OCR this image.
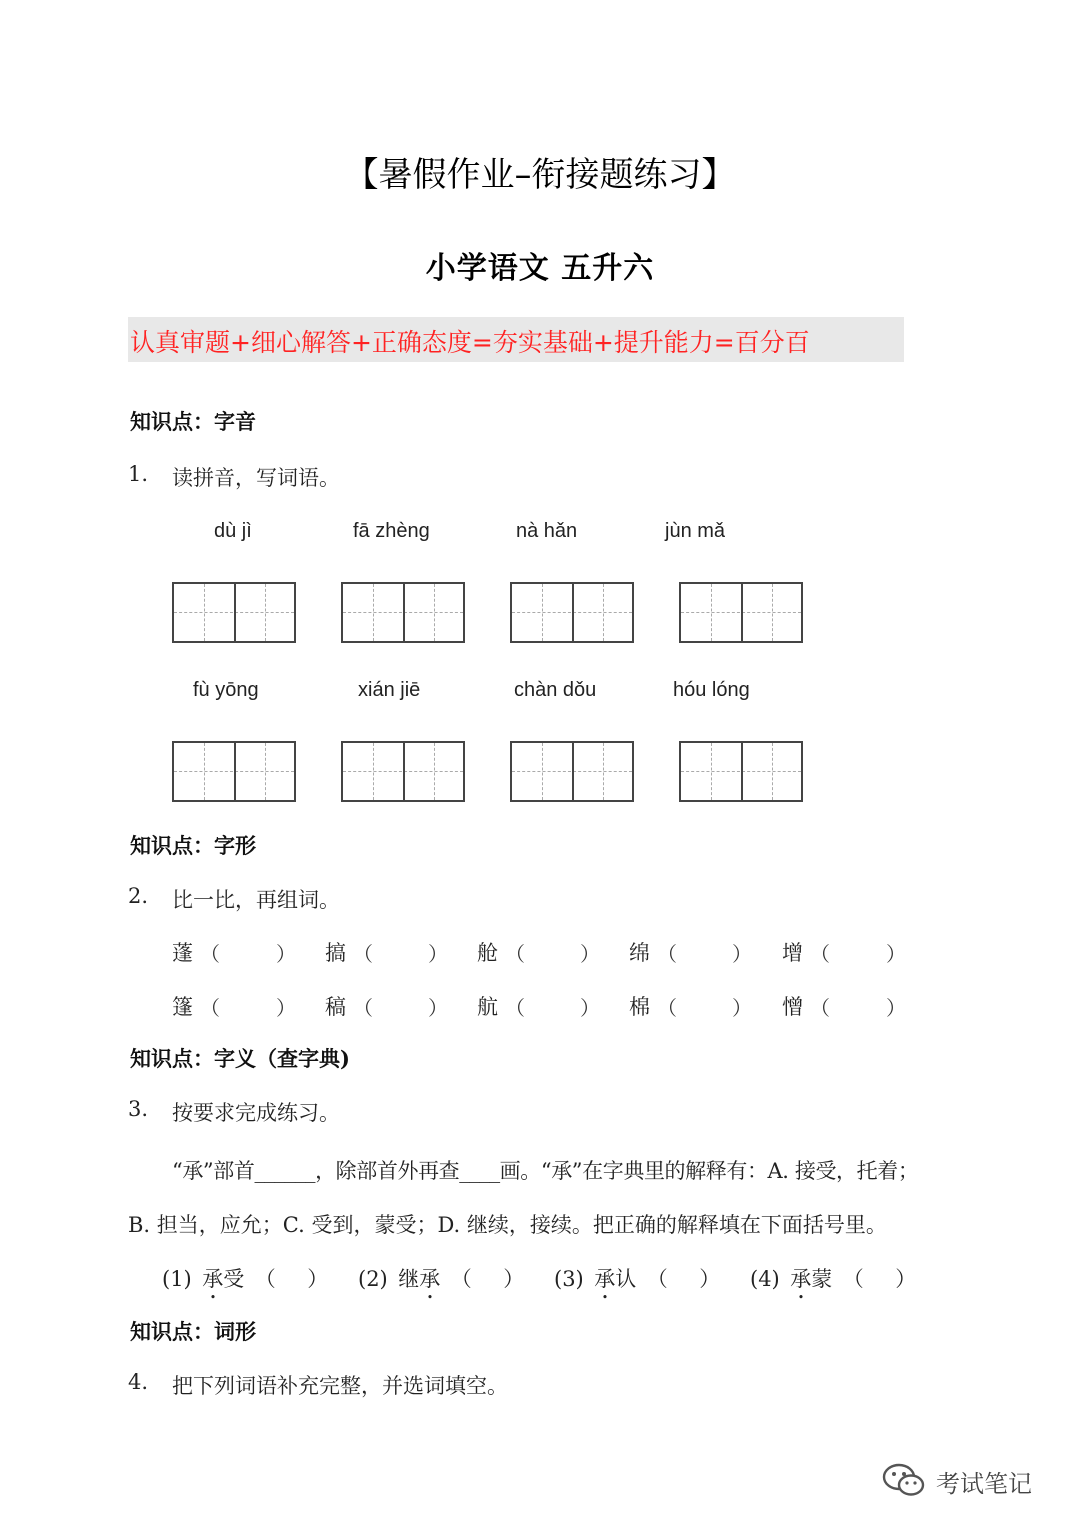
【暑假作业–衔接题练习】
小学语文 五升六
认真审题+细心解答+正确态度=夯实基础+提升能力=百分百
知识点：字音
1. 读拼音，写词语。
dù jì	fā zhèng	nà hǎn	jùn mǎ
fù yōng	xián jiē	chàn dǒu	hóu lóng
知识点：字形
2. 比一比，再组词。
蓬 （	） 搞 （	） 舱 （	） 绵 （	） 增 （	）
篷 （	） 稿 （	） 航 （	） 棉 （	） 憎 （	）
知识点：字义（查字典)
3. 按要求完成练习。
“承”部首______，除部首外再查____画。“承”在字典里的解释有：A. 接受，托着；
B. 担当，应允；C. 受到，蒙受；D. 继续，接续。把正确的解释填在下面括号里。
(1)  承受  （　  ） (2)  继承  （　  ） (3)  承认  （　  ） (4)  承蒙  （　  ）
知识点：词形
4. 把下列词语补充完整，并选词填空。
考试笔记
